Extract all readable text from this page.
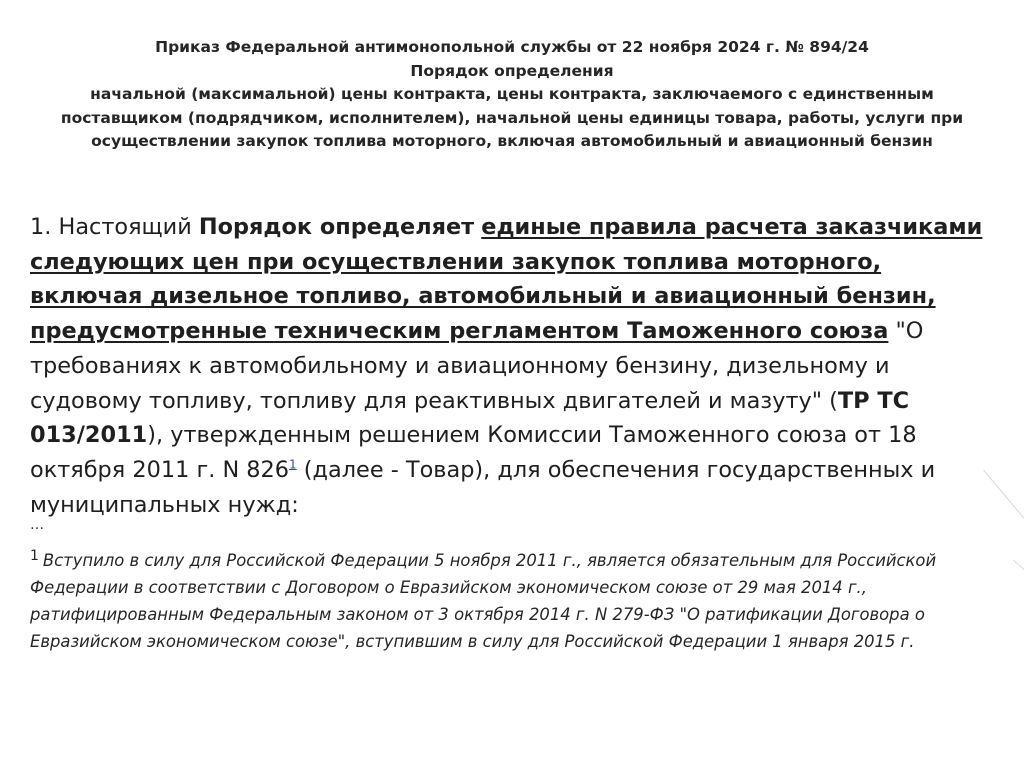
Приказ Федеральной антимонопольной службы от 22 ноября 2024 г. № 894/24
Порядок определения
начальной (максимальной) цены контракта, цены контракта, заключаемого с единственным
поставщиком (подрядчиком, исполнителем), начальной цены единицы товара, работы, услуги при
осуществлении закупок топлива моторного, включая автомобильный и авиационный бензин
1. Настоящий Порядок определяет единые правила расчета заказчиками следующих цен при осуществлении закупок топлива моторного, включая дизельное топливо, автомобильный и авиационный бензин, предусмотренные техническим регламентом Таможенного союза "О требованиях к автомобильному и авиационному бензину, дизельному и судовому топливу, топливу для реактивных двигателей и мазуту" (ТР ТС 013/2011), утвержденным решением Комиссии Таможенного союза от 18 октября 2011 г. N 826$^1$ (далее - Товар), для обеспечения государственных и муниципальных нужд:
…
1 Вступило в силу для Российской Федерации 5 ноября 2011 г., является обязательным для Российской Федерации в соответствии с Договором о Евразийском экономическом союзе от 29 мая 2014 г., ратифицированным Федеральным законом от 3 октября 2014 г. N 279-ФЗ "О ратификации Договора о Евразийском экономическом союзе", вступившим в силу для Российской Федерации 1 января 2015 г.
